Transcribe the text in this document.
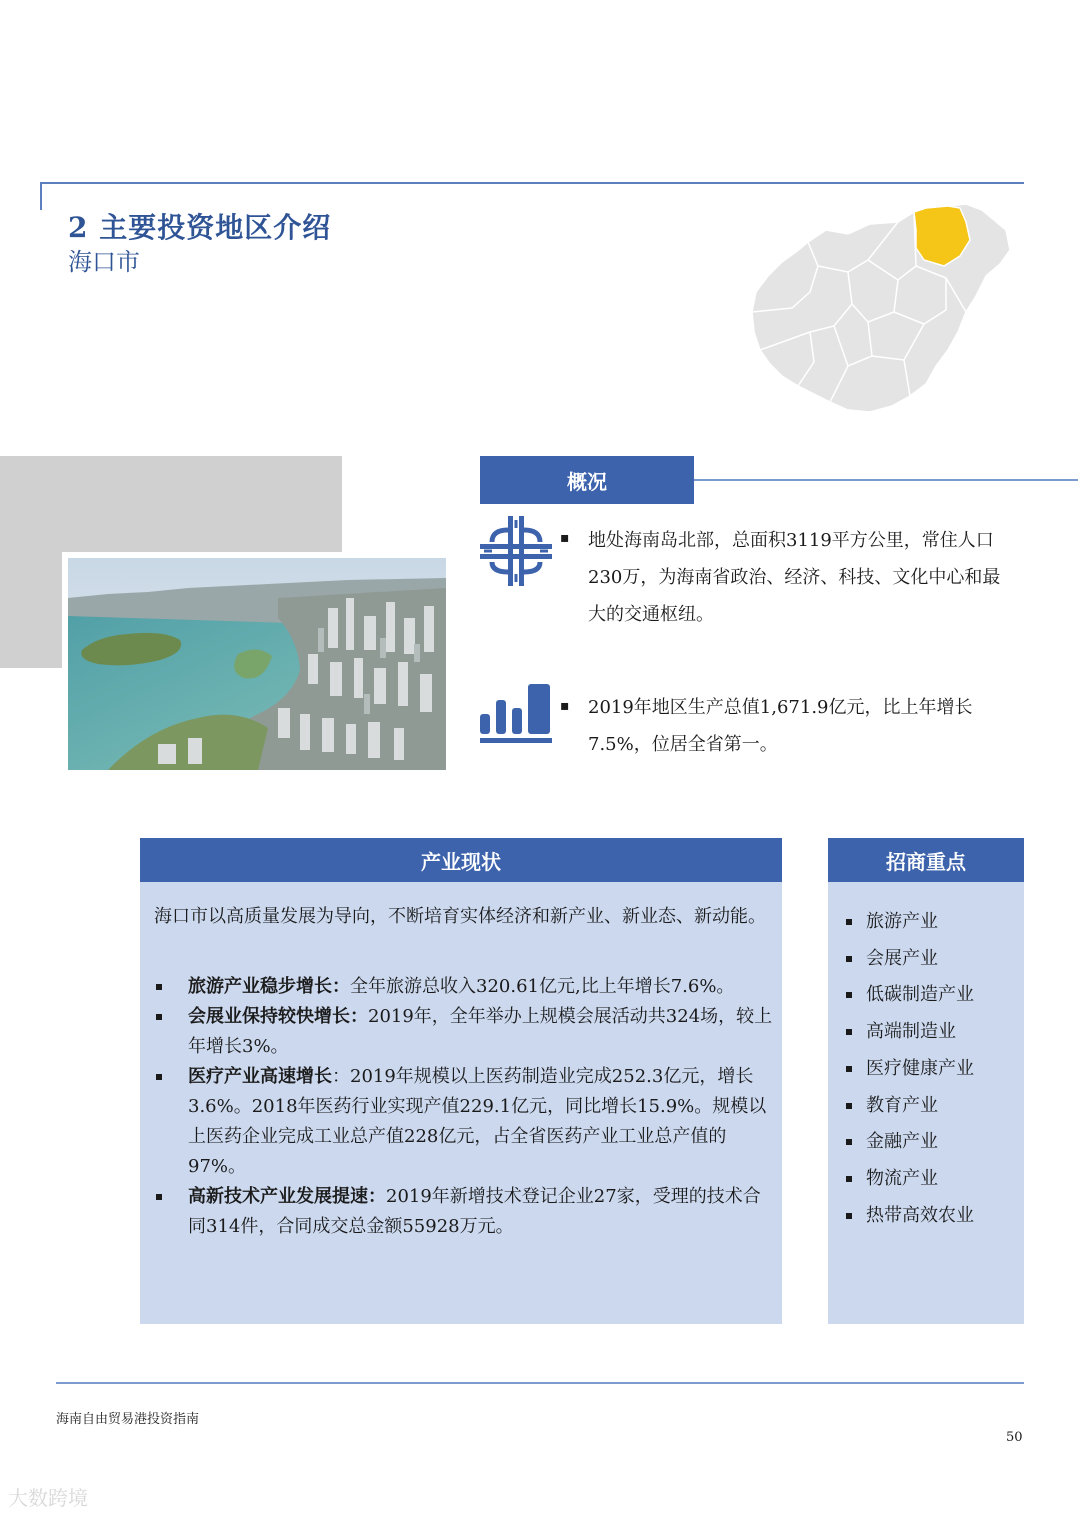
2 主要投资地区介绍
海口市
概况
▪ 地处海南岛北部，总面积3119平方公里，常住人口230万，为海南省政治、经济、科技、文化中心和最大的交通枢纽。
▪ 2019年地区生产总值1,671.9亿元，比上年增长7.5%，位居全省第一。
产业现状
海口市以高质量发展为导向，不断培育实体经济和新产业、新业态、新动能。
旅游产业稳步增长：全年旅游总收入320.61亿元,比上年增长7.6%。
会展业保持较快增长：2019年，全年举办上规模会展活动共324场，较上年增长3%。
医疗产业高速增长：2019年规模以上医药制造业完成252.3亿元，增长3.6%。2018年医药行业实现产值229.1亿元，同比增长15.9%。规模以上医药企业完成工业总产值228亿元，占全省医药产业工业总产值的97%。
高新技术产业发展提速：2019年新增技术登记企业27家，受理的技术合同314件，合同成交总金额55928万元。
招商重点
旅游产业
会展产业
低碳制造产业
高端制造业
医疗健康产业
教育产业
金融产业
物流产业
热带高效农业
海南自由贸易港投资指南
50
大数跨境
